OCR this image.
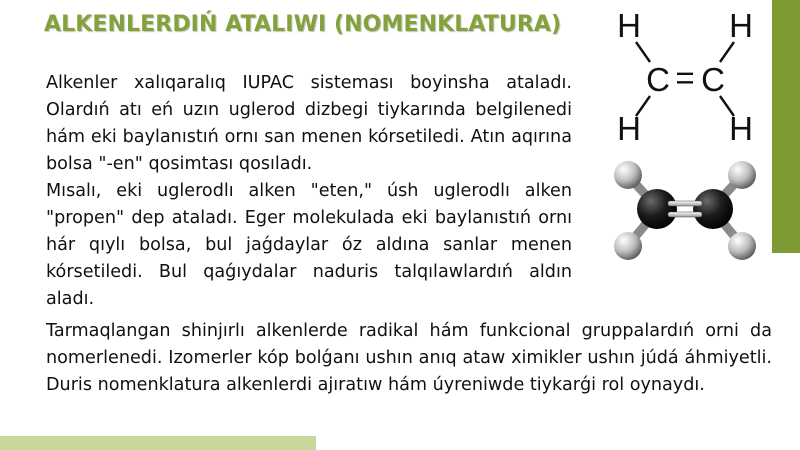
ALKENLERDIŃ ATALIWI (NOMENKLATURA)

Alkenler xalıqaralıq IUPAC sisteması boyinsha ataladı. Olardıń atı eń uzın uglerod dizbegi tiykarında belgilenedi hám eki baylanıstıń ornı san menen kórsetiledi. Atın aqırına bolsa "-en" qosimtası qosıladı.

Mısalı, eki uglerodlı alken "eten," úsh uglerodlı alken "propen" dep ataladı. Eger molekulada eki baylanıstıń ornı hár qıylı bolsa, bul jaǵdaylar óz aldına sanlar menen kórsetiledi. Bul qaǵıydalar naduris talqılawlardıń aldın aladı.

Tarmaqlangan shinjırlı alkenlerde radikal hám funkcional gruppalardıń orni da nomerlenedi. Izomerler kóp bolǵanı ushın anıq ataw ximikler ushın júdá áhmiyetli. Duris nomenklatura alkenlerdi ajıratıw hám úyreniwde tiykarǵi rol oynaydı.

H	H
C = C
H	H
